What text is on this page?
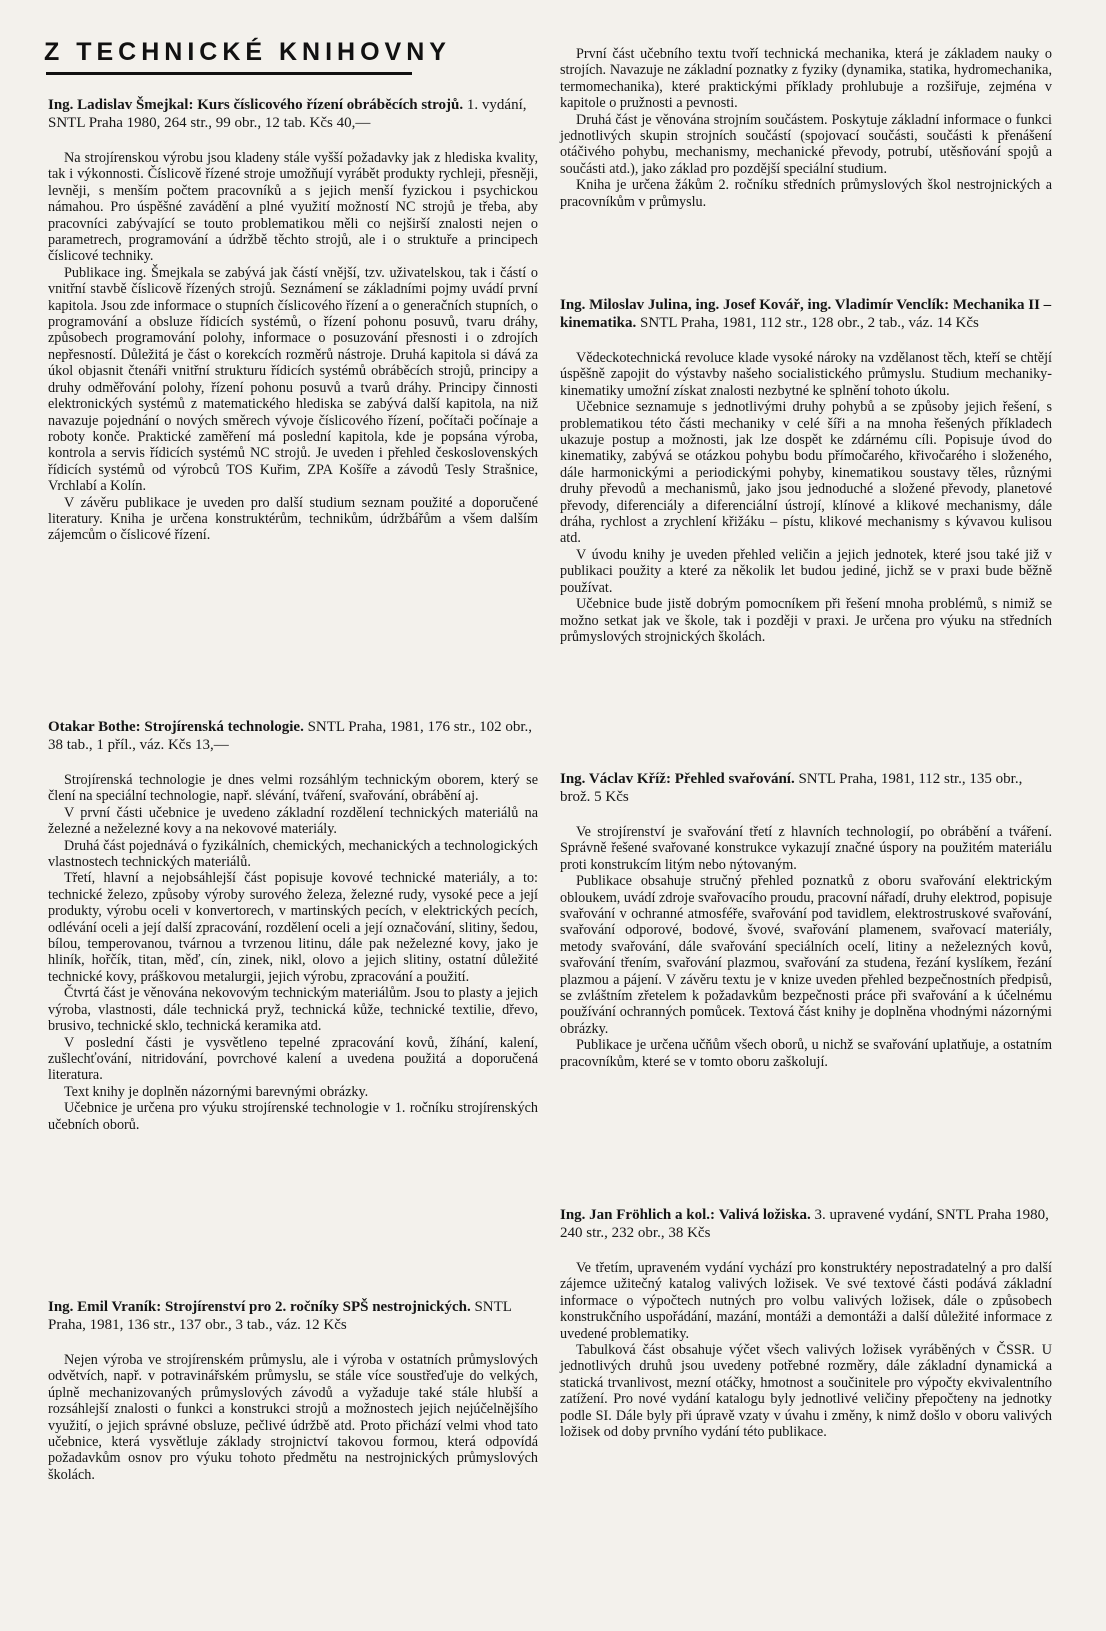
Z TECHNICKÉ KNIHOVNY

Ing. Ladislav Šmejkal: Kurs číslicového řízení obráběcích strojů. 1. vydání, SNTL Praha 1980, 264 str., 99 obr., 12 tab. Kčs 40,—

Na strojírenskou výrobu jsou kladeny stále vyšší požadavky jak z hlediska kvality, tak i výkonnosti. Číslicově řízené stroje umožňují vyrábět produkty rychleji, přesněji, levněji, s menším počtem pracovníků a s jejich menší fyzickou i psychickou námahou. Pro úspěšné zavádění a plné využití možností NC strojů je třeba, aby pracovníci zabývající se touto problematikou měli co nejširší znalosti nejen o parametrech, programování a údržbě těchto strojů, ale i o struktuře a principech číslicové techniky.

Publikace ing. Šmejkala se zabývá jak částí vnější, tzv. uživatelskou, tak i částí o vnitřní stavbě číslicově řízených strojů. Seznámení se základními pojmy uvádí první kapitola. Jsou zde informace o stupních číslicového řízení a o generačních stupních, o programování a obsluze řídicích systémů, o řízení pohonu posuvů, tvaru dráhy, způsobech programování polohy, informace o posuzování přesnosti i o zdrojích nepřesností. Důležitá je část o korekcích rozměrů nástroje. Druhá kapitola si dává za úkol objasnit čtenáři vnitřní strukturu řídicích systémů obráběcích strojů, principy a druhy odměřování polohy, řízení pohonu posuvů a tvarů dráhy. Principy činnosti elektronických systémů z matematického hlediska se zabývá další kapitola, na niž navazuje pojednání o nových směrech vývoje číslicového řízení, počítači počínaje a roboty konče. Praktické zaměření má poslední kapitola, kde je popsána výroba, kontrola a servis řídicích systémů NC strojů. Je uveden i přehled československých řídicích systémů od výrobců TOS Kuřim, ZPA Košíře a závodů Tesly Strašnice, Vrchlabí a Kolín.

V závěru publikace je uveden pro další studium seznam použité a doporučené literatury. Kniha je určena konstruktérům, technikům, údržbářům a všem dalším zájemcům o číslicové řízení.

Otakar Bothe: Strojírenská technologie. SNTL Praha, 1981, 176 str., 102 obr., 38 tab., 1 příl., váz. Kčs 13,—

Strojírenská technologie je dnes velmi rozsáhlým technickým oborem, který se člení na speciální technologie, např. slévání, tváření, svařování, obrábění aj.

V první části učebnice je uvedeno základní rozdělení technických materiálů na železné a neželezné kovy a na nekovové materiály.

Druhá část pojednává o fyzikálních, chemických, mechanických a technologických vlastnostech technických materiálů.

Třetí, hlavní a nejobsáhlejší část popisuje kovové technické materiály, a to: technické železo, způsoby výroby surového železa, železné rudy, vysoké pece a její produkty, výrobu oceli v konvertorech, v martinských pecích, v elektrických pecích, odlévání oceli a její další zpracování, rozdělení oceli a její označování, slitiny, šedou, bílou, temperovanou, tvárnou a tvrzenou litinu, dále pak neželezné kovy, jako je hliník, hořčík, titan, měď, cín, zinek, nikl, olovo a jejich slitiny, ostatní důležité technické kovy, práškovou metalurgii, jejich výrobu, zpracování a použití.

Čtvrtá část je věnována nekovovým technickým materiálům. Jsou to plasty a jejich výroba, vlastnosti, dále technická pryž, technická kůže, technické textilie, dřevo, brusivo, technické sklo, technická keramika atd.

V poslední části je vysvětleno tepelné zpracování kovů, žíhání, kalení, zušlechťování, nitridování, povrchové kalení a uvedena použitá a doporučená literatura.

Text knihy je doplněn názornými barevnými obrázky.

Učebnice je určena pro výuku strojírenské technologie v 1. ročníku strojírenských učebních oborů.

Ing. Emil Vraník: Strojírenství pro 2. ročníky SPŠ nestrojnických. SNTL Praha, 1981, 136 str., 137 obr., 3 tab., váz. 12 Kčs

Nejen výroba ve strojírenském průmyslu, ale i výroba v ostatních průmyslových odvětvích, např. v potravinářském průmyslu, se stále více soustřeďuje do velkých, úplně mechanizovaných průmyslových závodů a vyžaduje také stále hlubší a rozsáhlejší znalosti o funkci a konstrukci strojů a možnostech jejich nejúčelnějšího využití, o jejich správné obsluze, pečlivé údržbě atd. Proto přichází velmi vhod tato učebnice, která vysvětluje základy strojnictví takovou formou, která odpovídá požadavkům osnov pro výuku tohoto předmětu na nestrojnických průmyslových školách.

První část učebního textu tvoří technická mechanika, která je základem nauky o strojích. Navazuje ne základní poznatky z fyziky (dynamika, statika, hydromechanika, termomechanika), které praktickými příklady prohlubuje a rozšiřuje, zejména v kapitole o pružnosti a pevnosti.

Druhá část je věnována strojním součástem. Poskytuje základní informace o funkci jednotlivých skupin strojních součástí (spojovací součásti, součásti k přenášení otáčivého pohybu, mechanismy, mechanické převody, potrubí, utěsňování spojů a součásti atd.), jako základ pro pozdější speciální studium.

Kniha je určena žákům 2. ročníku středních průmyslových škol nestrojnických a pracovníkům v průmyslu.

Ing. Miloslav Julina, ing. Josef Kovář, ing. Vladimír Venclík: Mechanika II – kinematika. SNTL Praha, 1981, 112 str., 128 obr., 2 tab., váz. 14 Kčs

Vědeckotechnická revoluce klade vysoké nároky na vzdělanost těch, kteří se chtějí úspěšně zapojit do výstavby našeho socialistického průmyslu. Studium mechaniky-kinematiky umožní získat znalosti nezbytné ke splnění tohoto úkolu.

Učebnice seznamuje s jednotlivými druhy pohybů a se způsoby jejich řešení, s problematikou této části mechaniky v celé šíři a na mnoha řešených příkladech ukazuje postup a možnosti, jak lze dospět ke zdárnému cíli. Popisuje úvod do kinematiky, zabývá se otázkou pohybu bodu přímočarého, křivočarého i složeného, dále harmonickými a periodickými pohyby, kinematikou soustavy těles, různými druhy převodů a mechanismů, jako jsou jednoduché a složené převody, planetové převody, diferenciály a diferenciální ústrojí, klínové a klikové mechanismy, dále dráha, rychlost a zrychlení křižáku – pístu, klikové mechanismy s kývavou kulisou atd.

V úvodu knihy je uveden přehled veličin a jejich jednotek, které jsou také již v publikaci použity a které za několik let budou jediné, jichž se v praxi bude běžně používat.

Učebnice bude jistě dobrým pomocníkem při řešení mnoha problémů, s nimiž se možno setkat jak ve škole, tak i později v praxi. Je určena pro výuku na středních průmyslových strojnických školách.

Ing. Václav Kříž: Přehled svařování. SNTL Praha, 1981, 112 str., 135 obr., brož. 5 Kčs

Ve strojírenství je svařování třetí z hlavních technologií, po obrábění a tváření. Správně řešené svařované konstrukce vykazují značné úspory na použitém materiálu proti konstrukcím litým nebo nýtovaným.

Publikace obsahuje stručný přehled poznatků z oboru svařování elektrickým obloukem, uvádí zdroje svařovacího proudu, pracovní nářadí, druhy elektrod, popisuje svařování v ochranné atmosféře, svařování pod tavidlem, elektrostruskové svařování, svařování odporové, bodové, švové, svařování plamenem, svařovací materiály, metody svařování, dále svařování speciálních ocelí, litiny a neželezných kovů, svařování třením, svařování plazmou, svařování za studena, řezání kyslíkem, řezání plazmou a pájení. V závěru textu je v knize uveden přehled bezpečnostních předpisů, se zvláštním zřetelem k požadavkům bezpečnosti práce při svařování a k účelnému používání ochranných pomůcek. Textová část knihy je doplněna vhodnými názornými obrázky.

Publikace je určena učňům všech oborů, u nichž se svařování uplatňuje, a ostatním pracovníkům, které se v tomto oboru zaškolují.

Ing. Jan Fröhlich a kol.: Valivá ložiska. 3. upravené vydání, SNTL Praha 1980, 240 str., 232 obr., 38 Kčs

Ve třetím, upraveném vydání vychází pro konstruktéry nepostradatelný a pro další zájemce užitečný katalog valivých ložisek. Ve své textové části podává základní informace o výpočtech nutných pro volbu valivých ložisek, dále o způsobech konstrukčního uspořádání, mazání, montáži a demontáži a další důležité informace z uvedené problematiky.

Tabulková část obsahuje výčet všech valivých ložisek vyráběných v ČSSR. U jednotlivých druhů jsou uvedeny potřebné rozměry, dále základní dynamická a statická trvanlivost, mezní otáčky, hmotnost a součinitele pro výpočty ekvivalentního zatížení. Pro nové vydání katalogu byly jednotlivé veličiny přepočteny na jednotky podle SI. Dále byly při úpravě vzaty v úvahu i změny, k nimž došlo v oboru valivých ložisek od doby prvního vydání této publikace.
